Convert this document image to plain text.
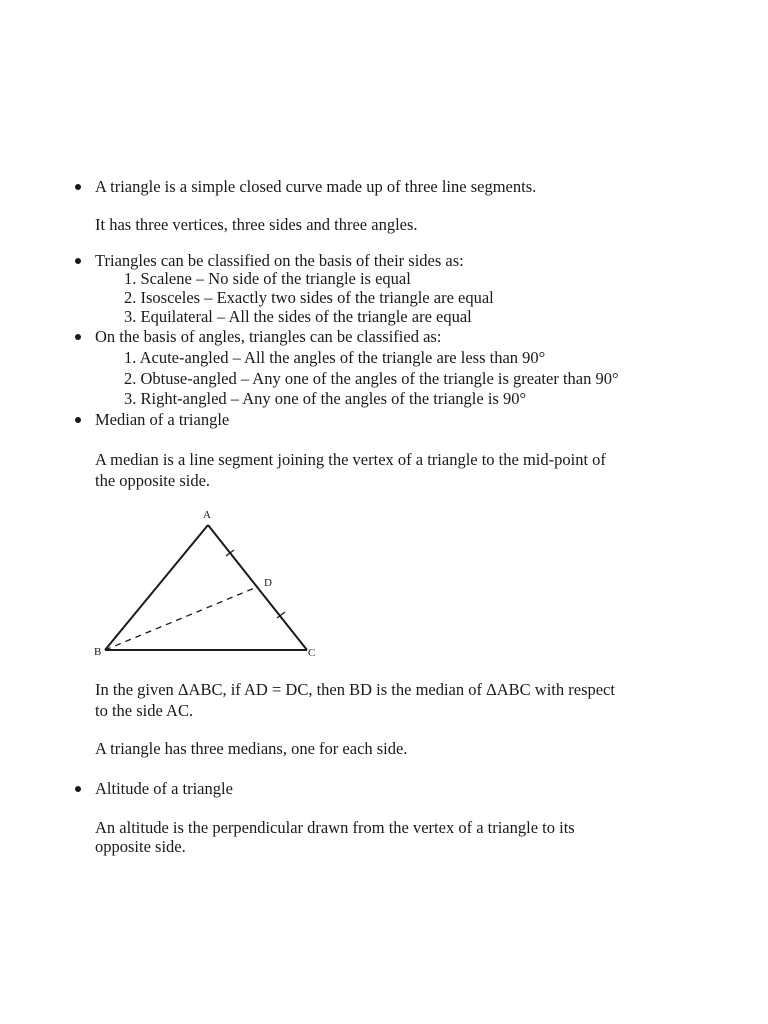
A triangle is a simple closed curve made up of three line segments.
It has three vertices, three sides and three angles.
Triangles can be classified on the basis of their sides as:
1. Scalene – No side of the triangle is equal
2. Isosceles – Exactly two sides of the triangle are equal
3. Equilateral – All the sides of the triangle are equal
On the basis of angles, triangles can be classified as:
1. Acute-angled – All the angles of the triangle are less than 90°
2. Obtuse-angled – Any one of the angles of the triangle is greater than 90°
3. Right-angled – Any one of the angles of the triangle is 90°
Median of a triangle
A median is a line segment joining the vertex of a triangle to the mid-point of
the opposite side.
A
B	C
D
In the given ΔABC, if AD = DC, then BD is the median of ΔABC with respect
to the side AC.
A triangle has three medians, one for each side.
Altitude of a triangle
An altitude is the perpendicular drawn from the vertex of a triangle to its
opposite side.
